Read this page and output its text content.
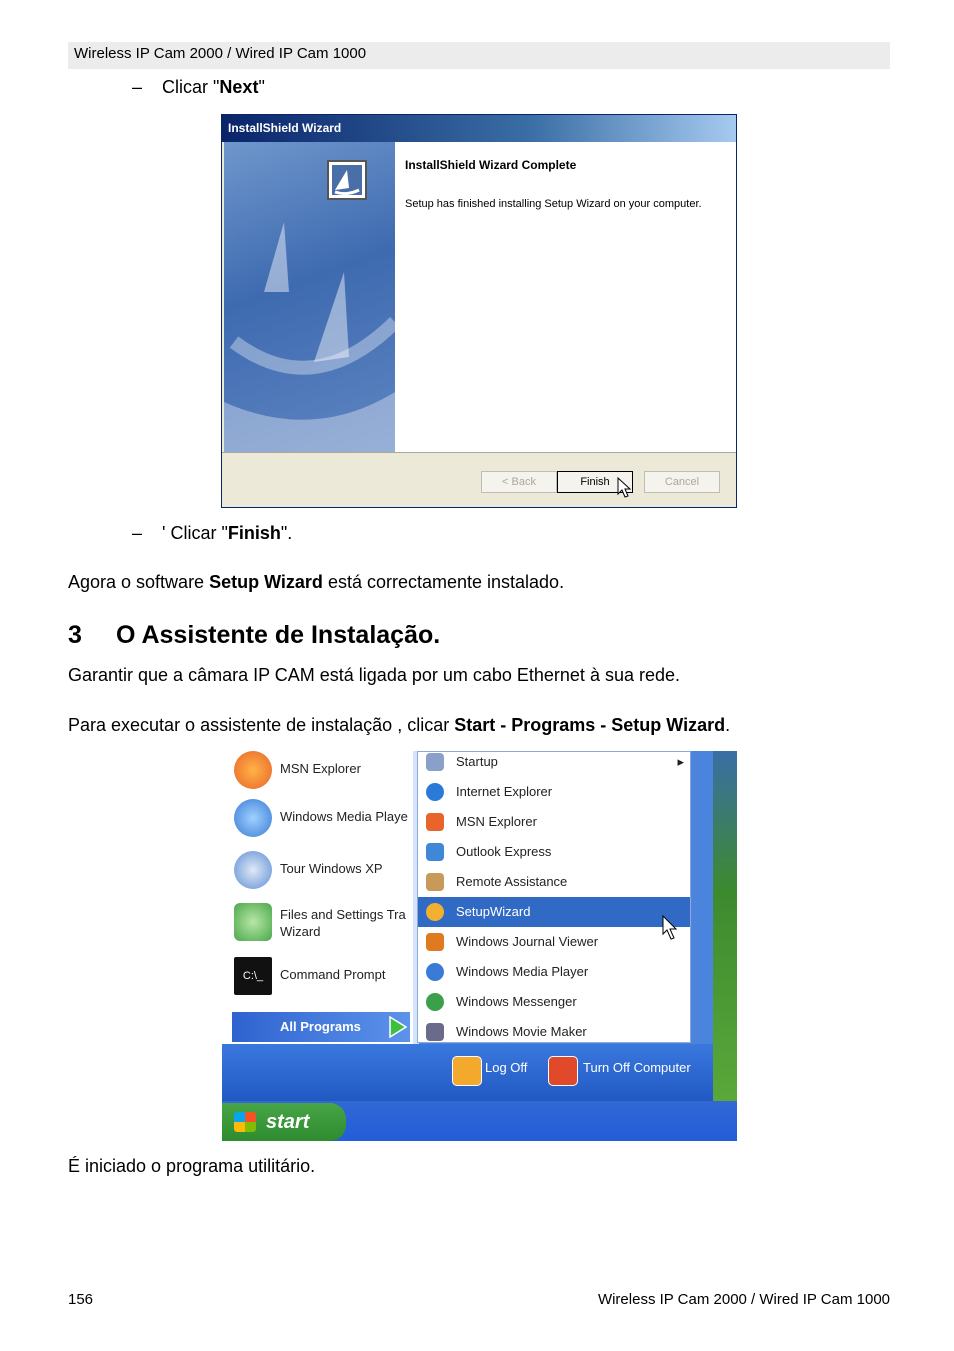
Wireless IP Cam 2000 / Wired IP Cam 1000
– Clicar "Next"
InstallShield Wizard
InstallShield Wizard Complete
Setup has finished installing Setup Wizard on your computer.
< Back	Finish	Cancel
– ' Clicar "Finish".
Agora o software Setup Wizard está correctamente instalado.
3 O Assistente de Instalação.
Garantir que a câmara IP CAM está ligada por um cabo Ethernet à sua rede.
Para executar o assistente de instalação , clicar Start - Programs - Setup Wizard.
MSN Explorer
Windows Media Playe
Tour Windows XP
Files and Settings Tra
Wizard
C:\_	Command Prompt
All Programs
Startup	▸
Internet Explorer
MSN Explorer
Outlook Express
Remote Assistance
SetupWizard
Windows Journal Viewer
Windows Media Player
Windows Messenger
Windows Movie Maker
Log Off	Turn Off Computer
start
É iniciado o programa utilitário.
156	Wireless IP Cam 2000 / Wired IP Cam 1000
